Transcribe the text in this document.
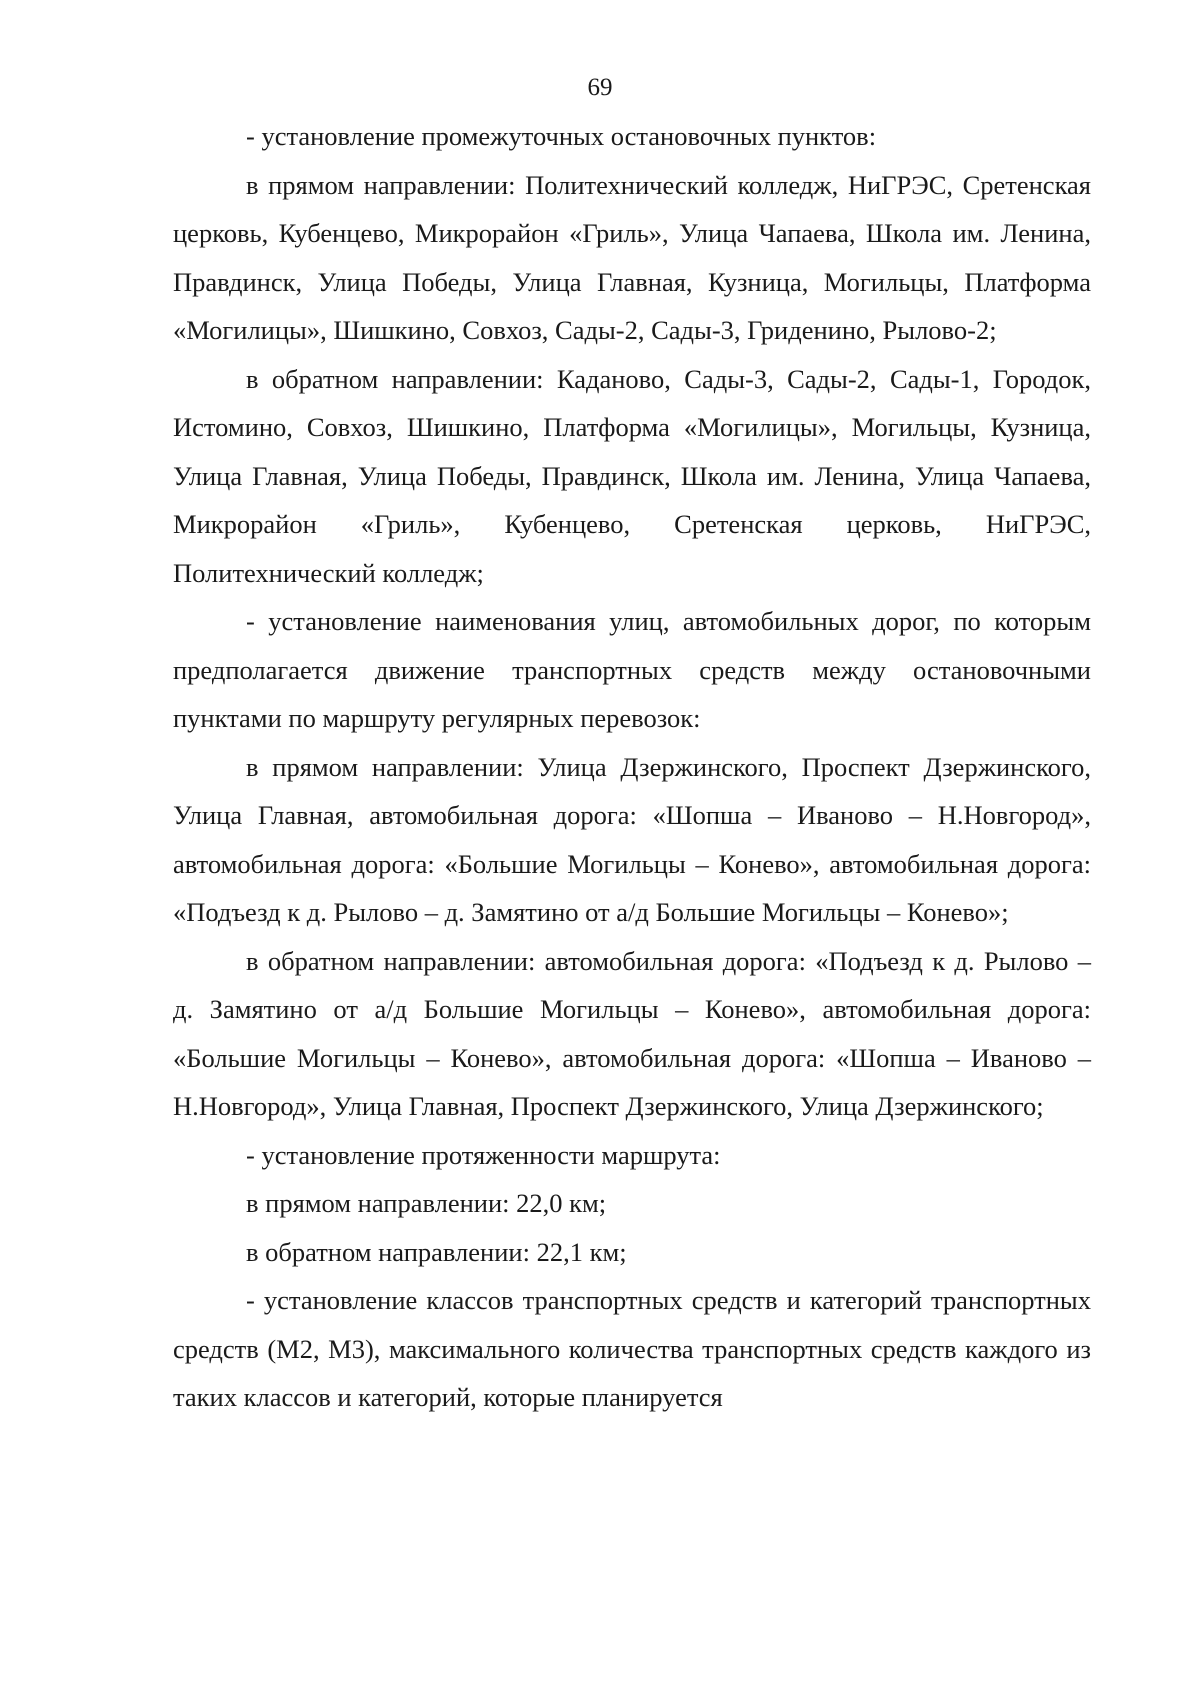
69

- установление промежуточных остановочных пунктов:

в прямом направлении: Политехнический колледж, НиГРЭС, Сретенская церковь, Кубенцево, Микрорайон «Гриль», Улица Чапаева, Школа им. Ленина, Правдинск, Улица Победы, Улица Главная, Кузница, Могильцы, Платформа «Могилицы», Шишкино, Совхоз, Сады-2, Сады-3, Гриденино, Рылово-2;

в обратном направлении: Каданово, Сады-3, Сады-2, Сады-1, Городок, Истомино, Совхоз, Шишкино, Платформа «Могилицы», Могильцы, Кузница, Улица Главная, Улица Победы, Правдинск, Школа им. Ленина, Улица Чапаева, Микрорайон «Гриль», Кубенцево, Сретенская церковь, НиГРЭС, Политехнический колледж;

- установление наименования улиц, автомобильных дорог, по которым предполагается движение транспортных средств между остановочными пунктами по маршруту регулярных перевозок:

в прямом направлении: Улица Дзержинского, Проспект Дзержинского, Улица Главная, автомобильная дорога: «Шопша – Иваново – Н.Новгород», автомобильная дорога: «Большие Могильцы – Конево», автомобильная дорога: «Подъезд к д. Рылово – д. Замятино от а/д Большие Могильцы – Конево»;

в обратном направлении: автомобильная дорога: «Подъезд к д. Рылово – д. Замятино от а/д Большие Могильцы – Конево», автомобильная дорога: «Большие Могильцы – Конево», автомобильная дорога: «Шопша – Иваново – Н.Новгород», Улица Главная, Проспект Дзержинского, Улица Дзержинского;

- установление протяженности маршрута:

в прямом направлении: 22,0 км;

в обратном направлении: 22,1 км;

- установление классов транспортных средств и категорий транспортных средств (М2, М3), максимального количества транспортных средств каждого из таких классов и категорий, которые планируется
